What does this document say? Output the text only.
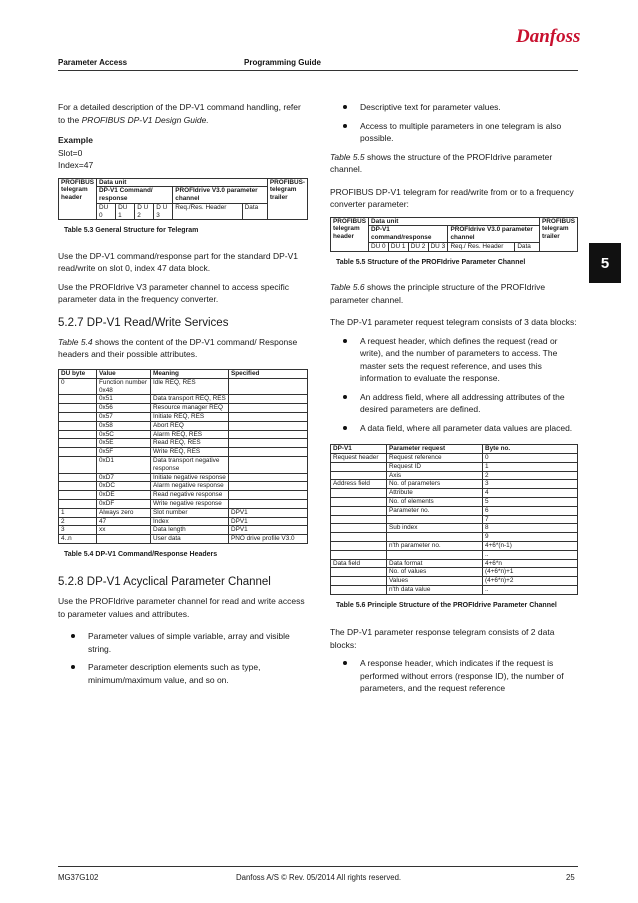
Danfoss
Parameter Access	Programming Guide
5
For a detailed description of the DP-V1 command handling, refer to the PROFIBUS DP-V1 Design Guide.
Example
Slot=0
Index=47
PROFIBUS telegram header	Data unit						PROFIBUS-telegram trailer
	DP-V1 Command/ response				PROFIdrive V3.0 parameter channel		
	DU 0	DU 1	D U 2	D U 3	Req./Res. Header	Data	
Table 5.3 General Structure for Telegram
Use the DP-V1 command/response part for the standard DP-V1 read/write on slot 0, index 47 data block.
Use the PROFIdrive V3 parameter channel to access specific parameter data in the frequency converter.
5.2.7 DP-V1 Read/Write Services
Table 5.4 shows the content of the DP-V1 command/ Response headers and their possible attributes.
DU byte	Value	Meaning	Specified
0	Function number 0x48	Idle REQ, RES	
	0x51	Data transport REQ, RES	
	0x56	Resource manager REQ	
	0x57	Initiate REQ, RES	
	0x58	Abort REQ	
	0x5C	Alarm REQ, RES	
	0x5E	Read REQ, RES	
	0x5F	Write REQ, RES	
	0xD1	Data transport negative response	
	0xD7	Initiate negative response	
	0xDC	Alarm negative response	
	0xDE	Read negative response	
	0xDF	Write negative response	
1	Always zero	Slot number	DPV1
2	47	Index	DPV1
3	xx	Data length	DPV1
4..n		User data	PNO drive profile V3.0
Table 5.4 DP-V1 Command/Response Headers
5.2.8 DP-V1 Acyclical Parameter Channel
Use the PROFIdrive parameter channel for read and write access to parameter values and attributes.
Parameter values of simple variable, array and visible string.
Parameter description elements such as type, minimum/maximum value, and so on.
Descriptive text for parameter values.
Access to multiple parameters in one telegram is also possible.
Table 5.5 shows the structure of the PROFIdrive parameter channel.
PROFIBUS DP-V1 telegram for read/write from or to a frequency converter parameter:
PROFIBUS telegram header	Data unit						PROFIBUS telegram trailer
	DP-V1 command/response				PROFIdrive V3.0 parameter channel		
	DU 0	DU 1	DU 2	DU 3	Req./ Res. Header	Data	
Table 5.5 Structure of the PROFIdrive Parameter Channel
Table 5.6 shows the principle structure of the PROFIdrive parameter channel.
The DP-V1 parameter request telegram consists of 3 data blocks:
A request header, which defines the request (read or write), and the number of parameters to access. The master sets the request reference, and uses this information to evaluate the response.
An address field, where all addressing attributes of the desired parameters are defined.
A data field, where all parameter data values are placed.
DP-V1	Parameter request	Byte no.
Request header	Request reference	0
	Request ID	1
	Axis	2
Address field	No. of parameters	3
	Attribute	4
	No. of elements	5
	Parameter no.	6
		7
	Sub index	8
		9
	n'th parameter no.	4+6*(n-1)
		..
Data field	Data format	4+6*n
	No. of values	(4+6*n)+1
	Values	(4+6*n)+2
	n'th data value	..
Table 5.6 Principle Structure of the PROFIdrive Parameter Channel
The DP-V1 parameter response telegram consists of 2 data blocks:
A response header, which indicates if the request is performed without errors (response ID), the number of parameters, and the request reference
MG37G102	Danfoss A/S © Rev. 05/2014 All rights reserved.	25
